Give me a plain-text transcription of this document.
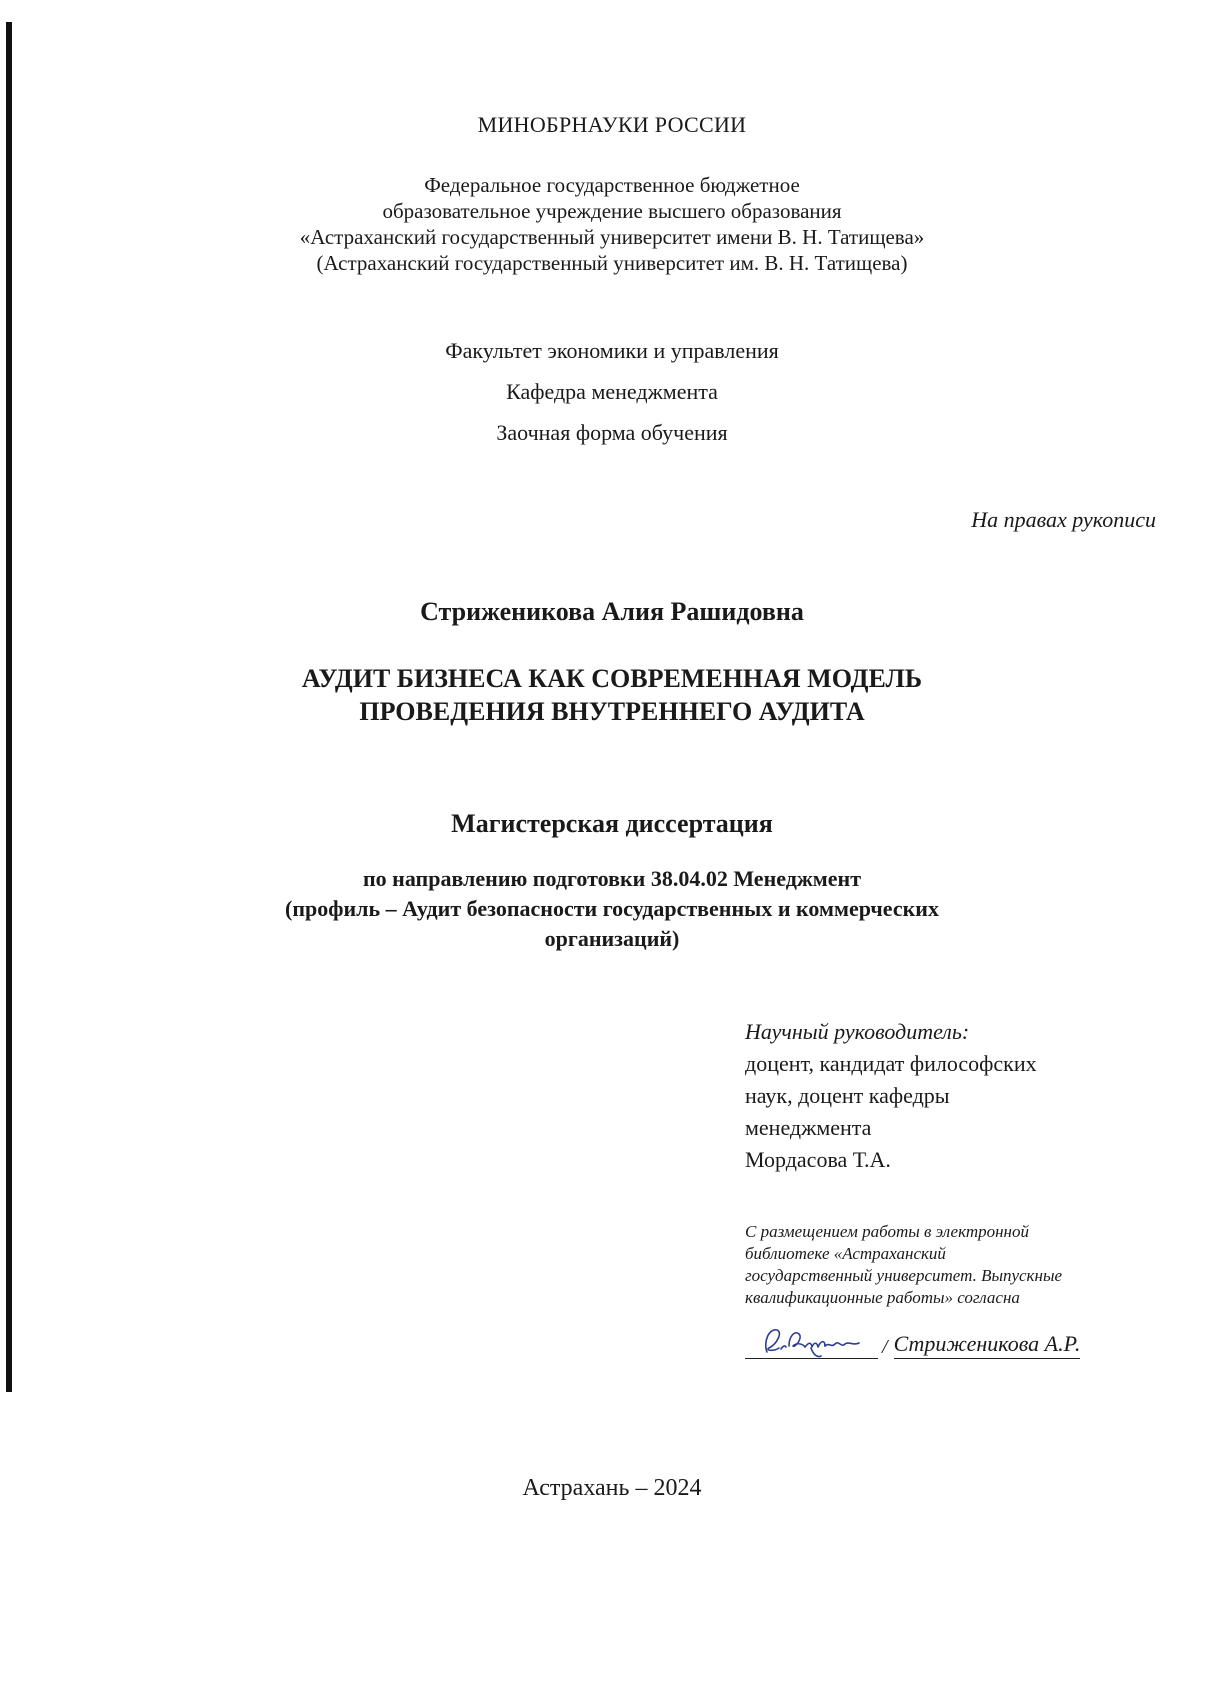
МИНОБРНАУКИ РОССИИ
Федеральное государственное бюджетное
образовательное учреждение высшего образования
«Астраханский государственный университет имени В. Н. Татищева»
(Астраханский государственный университет им. В. Н. Татищева)
Факультет экономики и управления
Кафедра менеджмента
Заочная форма обучения
На правах рукописи
Стриженикова Алия Рашидовна
АУДИТ БИЗНЕСА КАК СОВРЕМЕННАЯ МОДЕЛЬ
ПРОВЕДЕНИЯ ВНУТРЕННЕГО АУДИТА
Магистерская диссертация
по направлению подготовки 38.04.02 Менеджмент
(профиль – Аудит безопасности государственных и коммерческих
организаций)
Научный руководитель:
доцент, кандидат философских
наук, доцент кафедры
менеджмента
Мордасова Т.А.
С размещением работы в электронной
библиотеке «Астраханский
государственный университет. Выпускные
квалификационные работы» согласна
/ Стриженикова А.Р.
Астрахань – 2024
